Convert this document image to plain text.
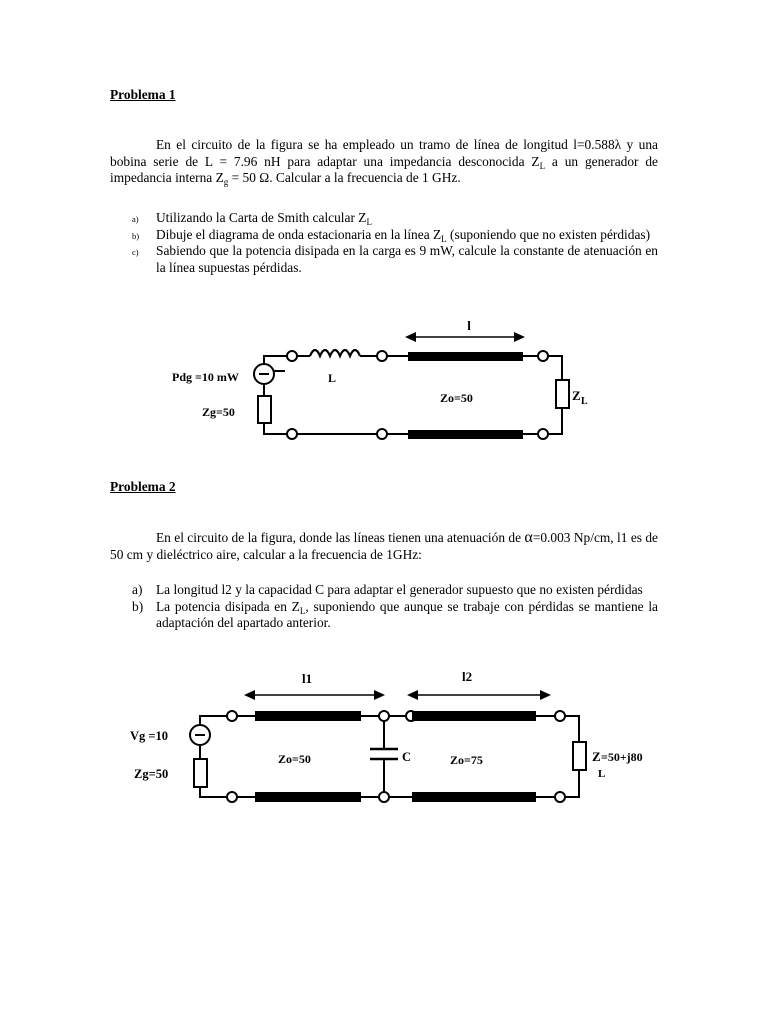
Problema 1
En el circuito de la figura se ha empleado un tramo de línea de longitud l=0.588λ y una bobina serie de L = 7.96 nH para adaptar una impedancia desconocida $Z_L$ a un generador de impedancia interna $Z_g = 50$ Ω. Calcular a la frecuencia de 1 GHz.
a) Utilizando la Carta de Smith calcular $Z_L$
b) Dibuje el diagrama de onda estacionaria en la línea $Z_L$ (suponiendo que no existen pérdidas)
c) Sabiendo que la potencia disipada en la carga es 9 mW, calcule la constante de atenuación en la línea supuestas pérdidas.
l
Pdg =10 mW	L
Zg=50
Zo=50	Z L
Problema 2
En el circuito de la figura, donde las líneas tienen una atenuación de α=0.003 Np/cm, l1 es de 50 cm y dieléctrico aire, calcular a la frecuencia de 1GHz:
a) La longitud l2 y la capacidad C para adaptar el generador supuesto que no existen pérdidas
b) La potencia disipada en $Z_L$, suponiendo que aunque se trabaje con pérdidas se mantiene la adaptación del apartado anterior.
l1	l2
Vg =10
Zg=50
Zo=50	C	Zo=75	Z =50+j80
L
